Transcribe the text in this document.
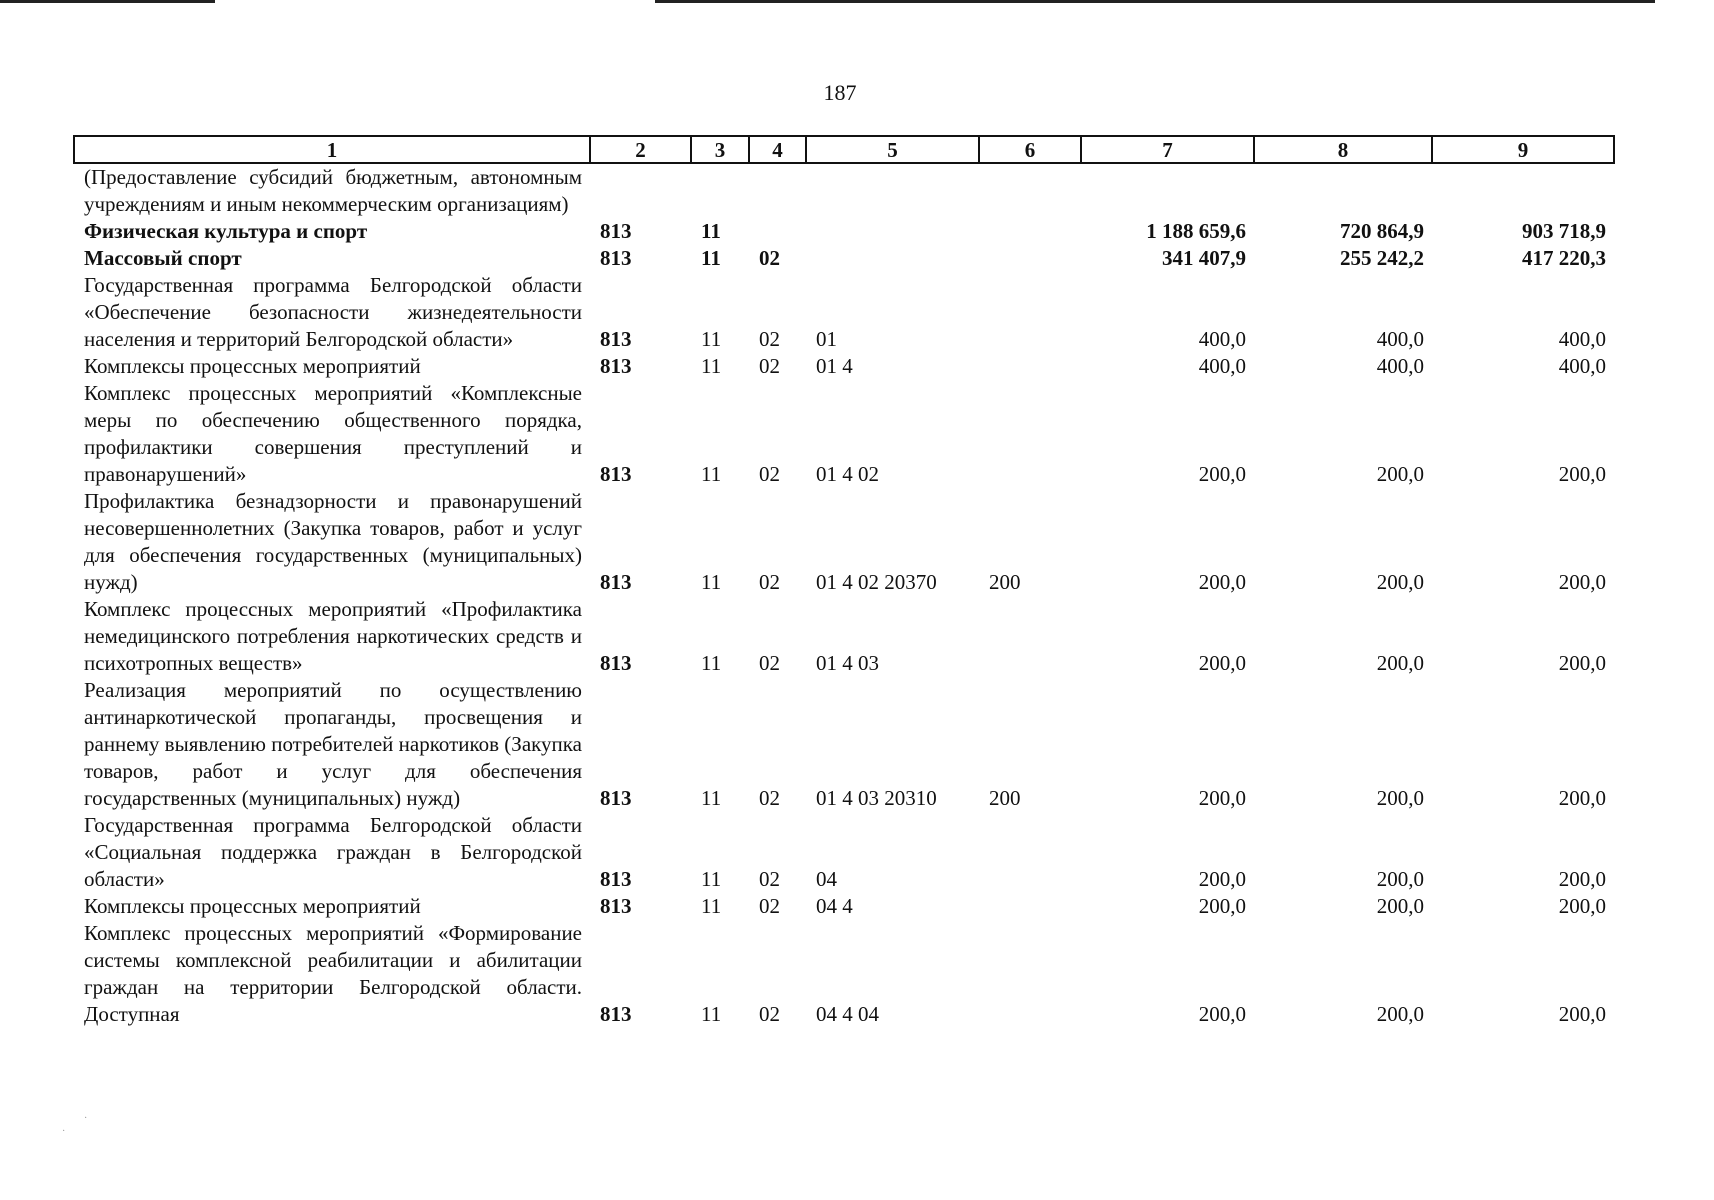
187
1	2	3	4	5	6	7	8	9
(Предоставление субсидий бюджетным, автономным учреждениям и иным некоммерческим организациям)								
Физическая культура и спорт	813	11				1 188 659,6	720 864,9	903 718,9
Массовый спорт	813	11	02			341 407,9	255 242,2	417 220,3
Государственная программа Белгородской области «Обеспечение безопасности жизнедеятельности населения и территорий Белгородской области»	813	11	02	01		400,0	400,0	400,0
Комплексы процессных мероприятий	813	11	02	01 4		400,0	400,0	400,0
Комплекс процессных мероприятий «Комплексные меры по обеспечению общественного порядка, профилактики совершения преступлений и правонарушений»	813	11	02	01 4 02		200,0	200,0	200,0
Профилактика безнадзорности и правонарушений несовершеннолетних (Закупка товаров, работ и услуг для обеспечения государственных (муниципальных) нужд)	813	11	02	01 4 02 20370	200	200,0	200,0	200,0
Комплекс процессных мероприятий «Профилактика немедицинского потребления наркотических средств и психотропных веществ»	813	11	02	01 4 03		200,0	200,0	200,0
Реализация мероприятий по осуществлению антинаркотической пропаганды, просвещения и раннему выявлению потребителей наркотиков (Закупка товаров, работ и услуг для обеспечения государственных (муниципальных) нужд)	813	11	02	01 4 03 20310	200	200,0	200,0	200,0
Государственная программа Белгородской области «Социальная поддержка граждан в Белгородской области»	813	11	02	04		200,0	200,0	200,0
Комплексы процессных мероприятий	813	11	02	04 4		200,0	200,0	200,0
Комплекс процессных мероприятий «Формирование системы комплексной реабилитации и абилитации граждан на территории Белгородской области. Доступная	813	11	02	04 4 04		200,0	200,0	200,0
·
·
